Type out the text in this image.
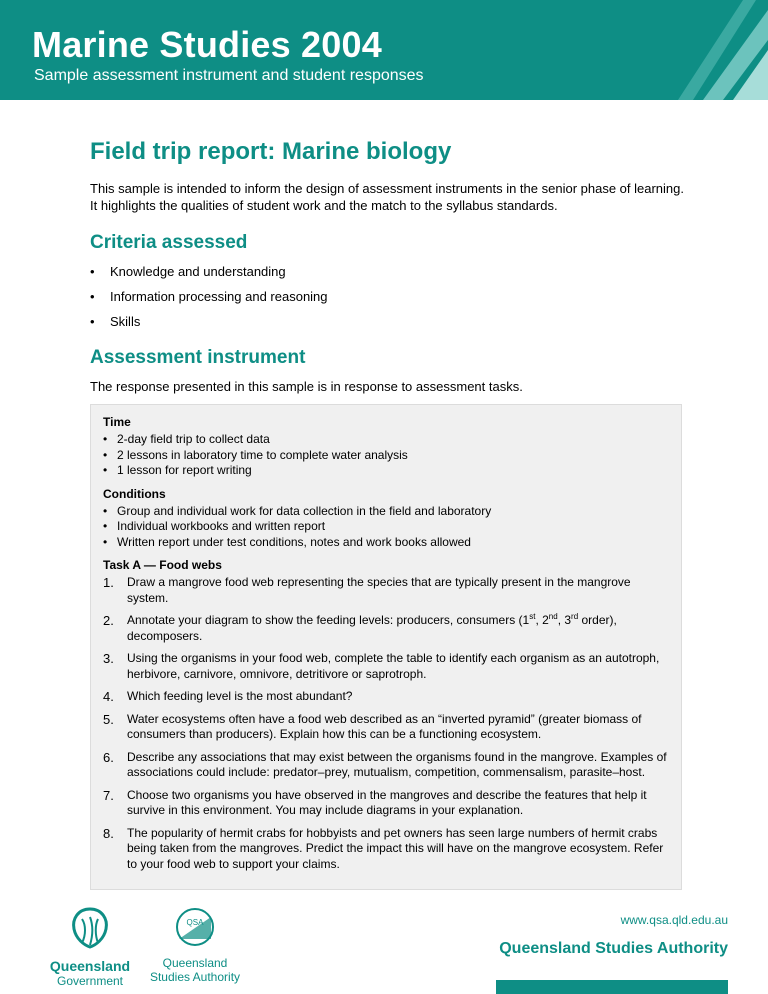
Marine Studies 2004
Sample assessment instrument and student responses
Field trip report: Marine biology

This sample is intended to inform the design of assessment instruments in the senior phase of learning. It highlights the qualities of student work and the match to the syllabus standards.

Criteria assessed
• Knowledge and understanding
• Information processing and reasoning
• Skills
Assessment instrument

The response presented in this sample is in response to assessment tasks.

Time
• 2-day field trip to collect data
• 2 lessons in laboratory time to complete water analysis
• 1 lesson for report writing
Conditions
• Group and individual work for data collection in the field and laboratory
• Individual workbooks and written report
• Written report under test conditions, notes and work books allowed
Task A — Food webs
1. Draw a mangrove food web representing the species that are typically present in the mangrove system.
2. Annotate your diagram to show the feeding levels: producers, consumers (1st, 2nd, 3rd order), decomposers.
3. Using the organisms in your food web, complete the table to identify each organism as an autotroph, herbivore, carnivore, omnivore, detritivore or saprotroph.
4. Which feeding level is the most abundant?
5. Water ecosystems often have a food web described as an “inverted pyramid” (greater biomass of consumers than producers). Explain how this can be a functioning ecosystem.
6. Describe any associations that may exist between the organisms found in the mangrove. Examples of associations could include: predator–prey, mutualism, competition, commensalism, parasite–host.
7. Choose two organisms you have observed in the mangroves and describe the features that help it survive in this environment. You may include diagrams in your explanation.
8. The popularity of hermit crabs for hobbyists and pet owners has seen large numbers of hermit crabs being taken from the mangroves. Predict the impact this will have on the mangrove ecosystem. Refer to your food web to support your claims.
Queensland
Government
QSA
Queensland
Studies Authority
www.qsa.qld.edu.au
Queensland Studies Authority
